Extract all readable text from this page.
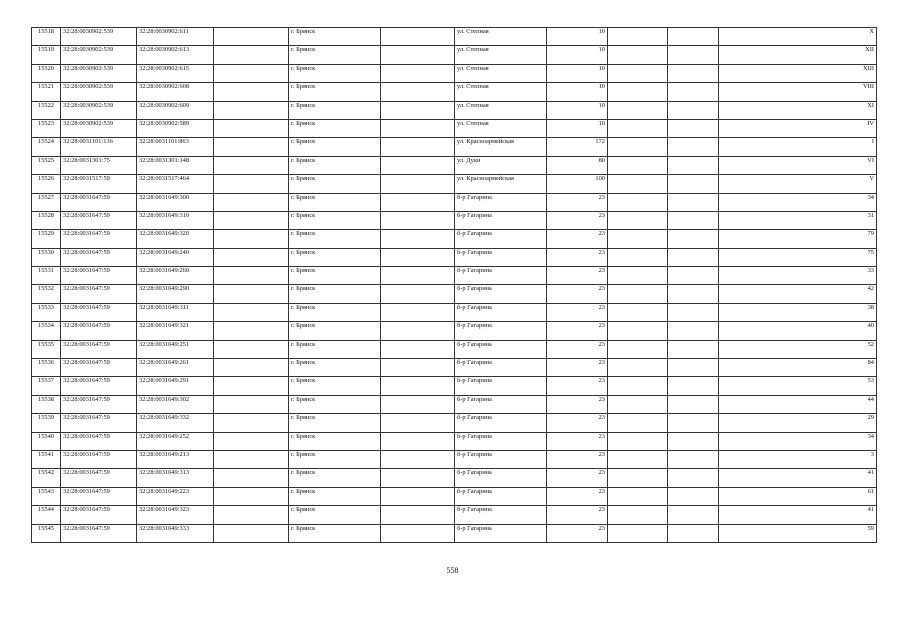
15518	32:28:0030902:539	32:28:0030902:611		г. Брянск		ул. Степная	10			X
15519	32:28:0030902:539	32:28:0030902:613		г. Брянск		ул. Степная	10			XII
15520	32:28:0030902:539	32:28:0030902:615		г. Брянск		ул. Степная	10			XIII
15521	32:28:0030902:539	32:28:0030902:608		г. Брянск		ул. Степная	10			VIII
15522	32:28:0030902:539	32:28:0030902:609		г. Брянск		ул. Степная	10			XI
15523	32:28:0030902:539	32:28:0030902:589		г. Брянск		ул. Степная	10			IV
15524	32:28:0031101:136	32:28:0031101:863		г. Брянск		ул. Красноармейская	172			I
15525	32:28:0031301:75	32:28:0031301:148		г. Брянск		ул. Дуки	80			VI
15526	32:28:0031517:59	32:28:0031517:464		г. Брянск		ул. Красноармейская	100			V
15527	32:28:0031647:59	32:28:0031649:300		г. Брянск		б-р Гагарина	23			34
15528	32:28:0031647:59	32:28:0031649:310		г. Брянск		б-р Гагарина	23			31
15529	32:28:0031647:59	32:28:0031649:320		г. Брянск		б-р Гагарина	23			79
15530	32:28:0031647:59	32:28:0031649:240		г. Брянск		б-р Гагарина	23			75
15531	32:28:0031647:59	32:28:0031649:260		г. Брянск		б-р Гагарина	23			33
15532	32:28:0031647:59	32:28:0031649:290		г. Брянск		б-р Гагарина	23			42
15533	32:28:0031647:59	32:28:0031649:311		г. Брянск		б-р Гагарина	23			38
15534	32:28:0031647:59	32:28:0031649:321		г. Брянск		б-р Гагарина	23			40
15535	32:28:0031647:59	32:28:0031649:251		г. Брянск		б-р Гагарина	23			52
15536	32:28:0031647:59	32:28:0031649:261		г. Брянск		б-р Гагарина	23			84
15537	32:28:0031647:59	32:28:0031649:291		г. Брянск		б-р Гагарина	23			53
15538	32:28:0031647:59	32:28:0031649:302		г. Брянск		б-р Гагарина	23			44
15539	32:28:0031647:59	32:28:0031649:332		г. Брянск		б-р Гагарина	23			29
15540	32:28:0031647:59	32:28:0031649:252		г. Брянск		б-р Гагарина	23			34
15541	32:28:0031647:59	32:28:0031649:213		г. Брянск		б-р Гагарина	23			3
15542	32:28:0031647:59	32:28:0031649:313		г. Брянск		б-р Гагарина	23			41
15543	32:28:0031647:59	32:28:0031649:223		г. Брянск		б-р Гагарина	23			61
15544	32:28:0031647:59	32:28:0031649:323		г. Брянск		б-р Гагарина	23			41
15545	32:28:0031647:59	32:28:0031649:333		г. Брянск		б-р Гагарина	23			59
558
